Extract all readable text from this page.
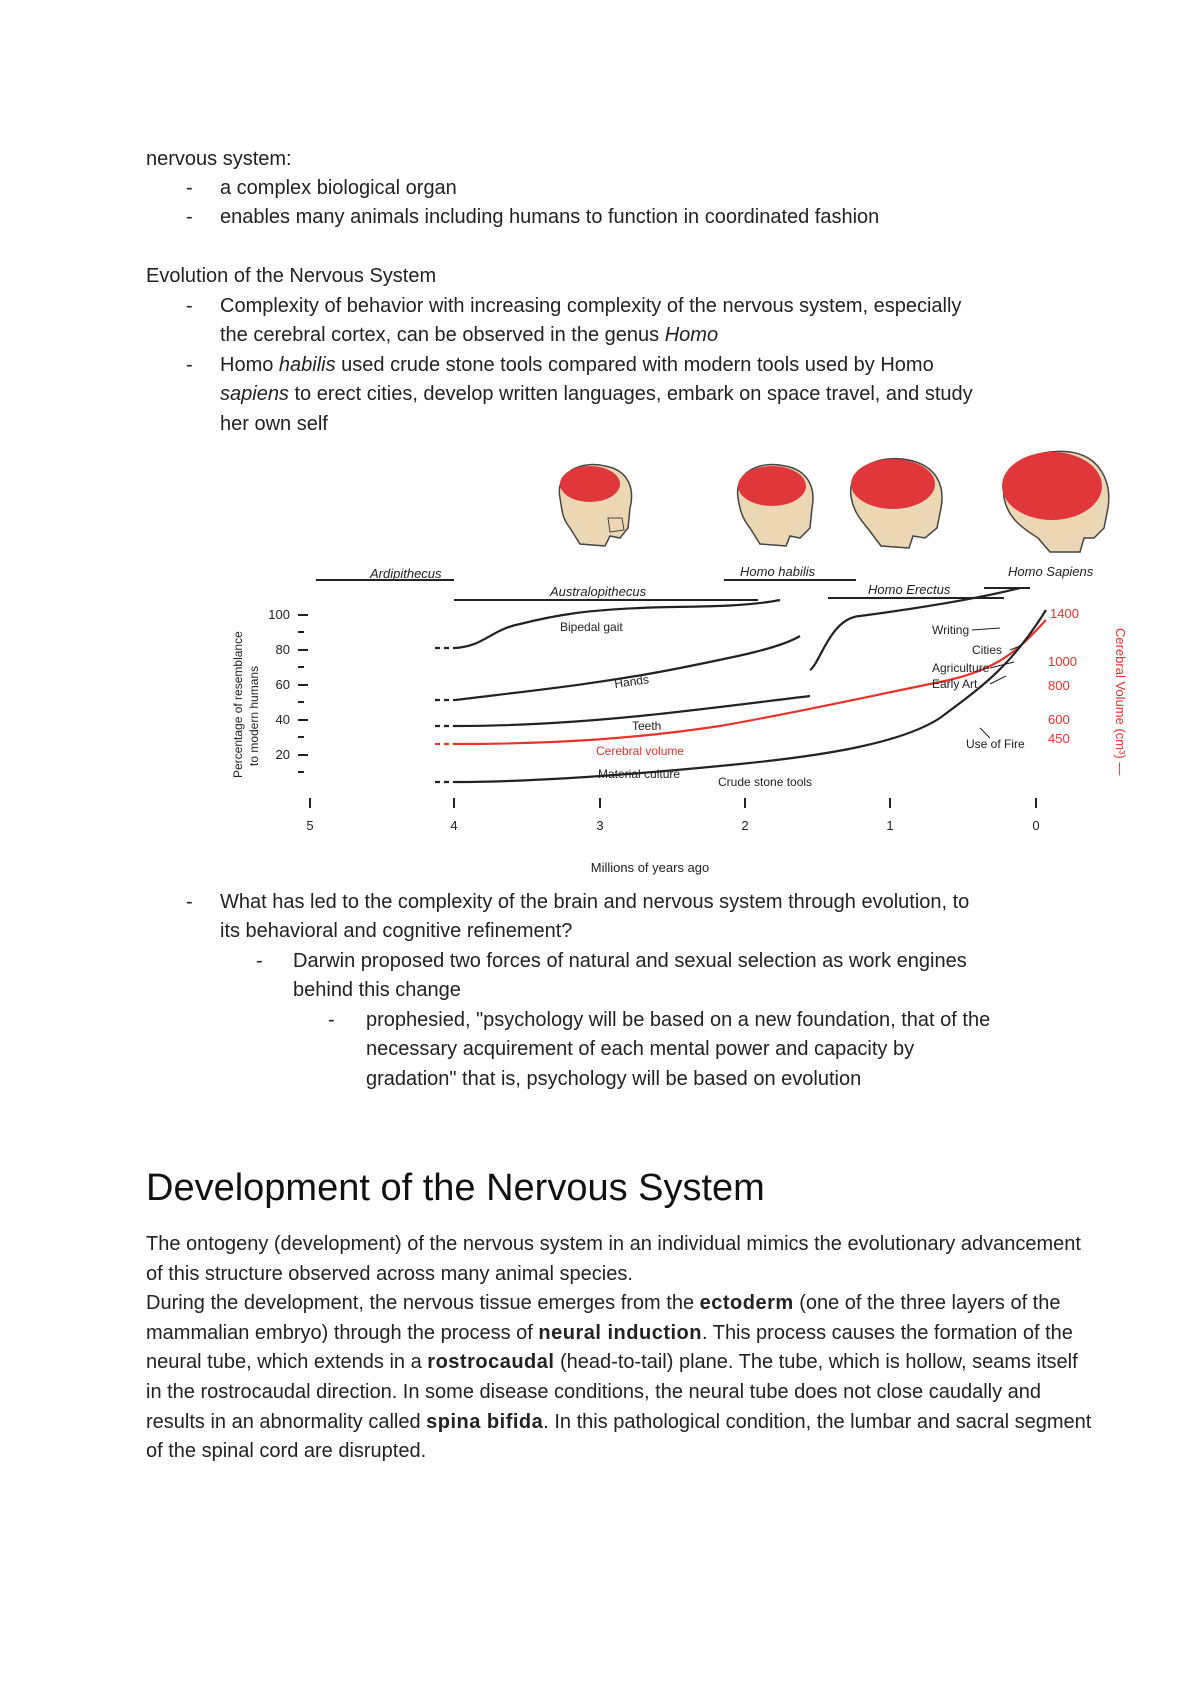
nervous system:
- a complex biological organ
- enables many animals including humans to function in coordinated fashion
Evolution of the Nervous System
- Complexity of behavior with increasing complexity of the nervous system, especially
the cerebral cortex, can be observed in the genus Homo
- Homo habilis used crude stone tools compared with modern tools used by Homo
sapiens to erect cities, develop written languages, embark on space travel, and study
her own self
Ardipithecus
Australopithecus
Homo habilis
Homo Erectus
Homo Sapiens
100
80
60
40
20
Percentage of resemblance to modern humans
Bipedal gait
Hands
Teeth
Cerebral volume
Material culture
Crude stone tools
Writing
Cities
Agriculture
Early Art
Use of Fire
1400
1000
800
600
450	Cerebral Volume (cm³) —
5	4	3	2	1	0
Millions of years ago
- What has led to the complexity of the brain and nervous system through evolution, to
its behavioral and cognitive refinement?
- Darwin proposed two forces of natural and sexual selection as work engines
behind this change
- prophesied, "psychology will be based on a new foundation, that of the
necessary acquirement of each mental power and capacity by
gradation" that is, psychology will be based on evolution
Development of the Nervous System
The ontogeny (development) of the nervous system in an individual mimics the evolutionary advancement of this structure observed across many animal species.
During the development, the nervous tissue emerges from the ectoderm (one of the three layers of the mammalian embryo) through the process of neural induction. This process causes the formation of the neural tube, which extends in a rostrocaudal (head-to-tail) plane. The tube, which is hollow, seams itself in the rostrocaudal direction. In some disease conditions, the neural tube does not close caudally and results in an abnormality called spina bifida. In this pathological condition, the lumbar and sacral segment of the spinal cord are disrupted.
